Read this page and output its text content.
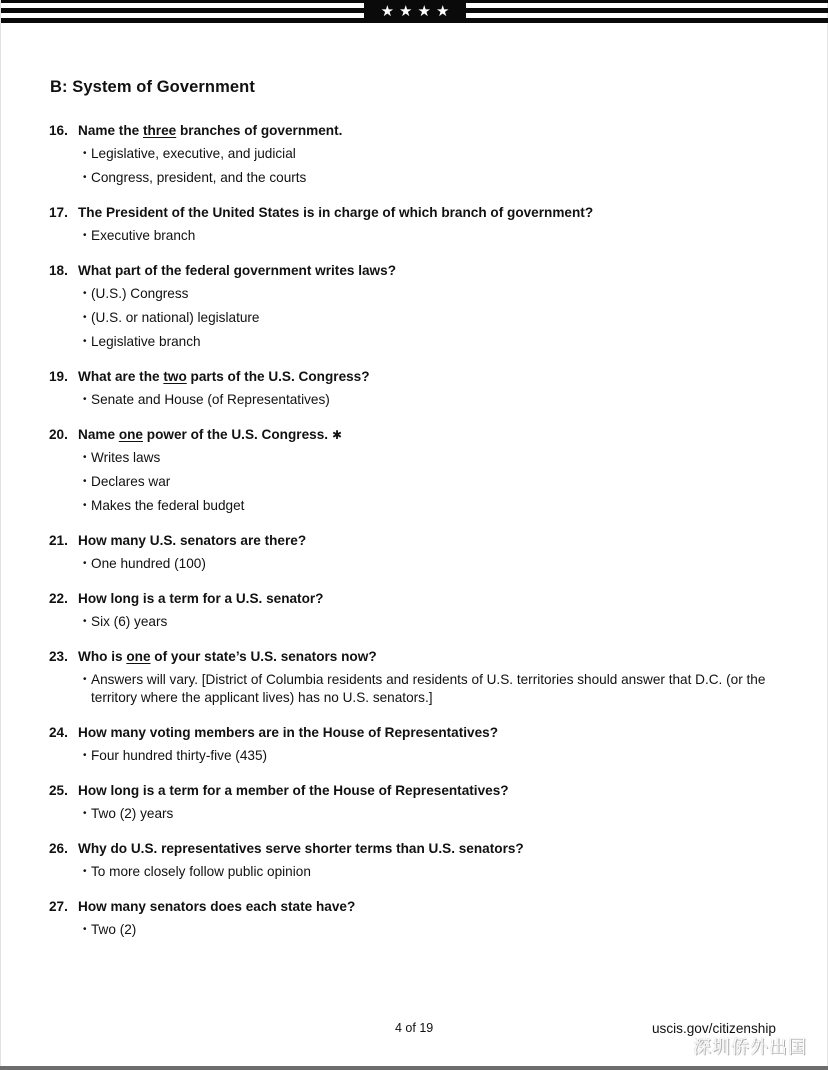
★ ★ ★ ★
B: System of Government
16. Name the three branches of government.
• Legislative, executive, and judicial
• Congress, president, and the courts
17. The President of the United States is in charge of which branch of government?
• Executive branch
18. What part of the federal government writes laws?
• (U.S.) Congress
• (U.S. or national) legislature
• Legislative branch
19. What are the two parts of the U.S. Congress?
• Senate and House (of Representatives)
20. Name one power of the U.S. Congress. ✱
• Writes laws
• Declares war
• Makes the federal budget
21. How many U.S. senators are there?
• One hundred (100)
22. How long is a term for a U.S. senator?
• Six (6) years
23. Who is one of your state’s U.S. senators now?
• Answers will vary. [District of Columbia residents and residents of U.S. territories should answer that D.C. (or the territory where the applicant lives) has no U.S. senators.]
24. How many voting members are in the House of Representatives?
• Four hundred thirty-five (435)
25. How long is a term for a member of the House of Representatives?
• Two (2) years
26. Why do U.S. representatives serve shorter terms than U.S. senators?
• To more closely follow public opinion
27. How many senators does each state have?
• Two (2)
4 of 19	uscis.gov/citizenship
深圳侨外出国
